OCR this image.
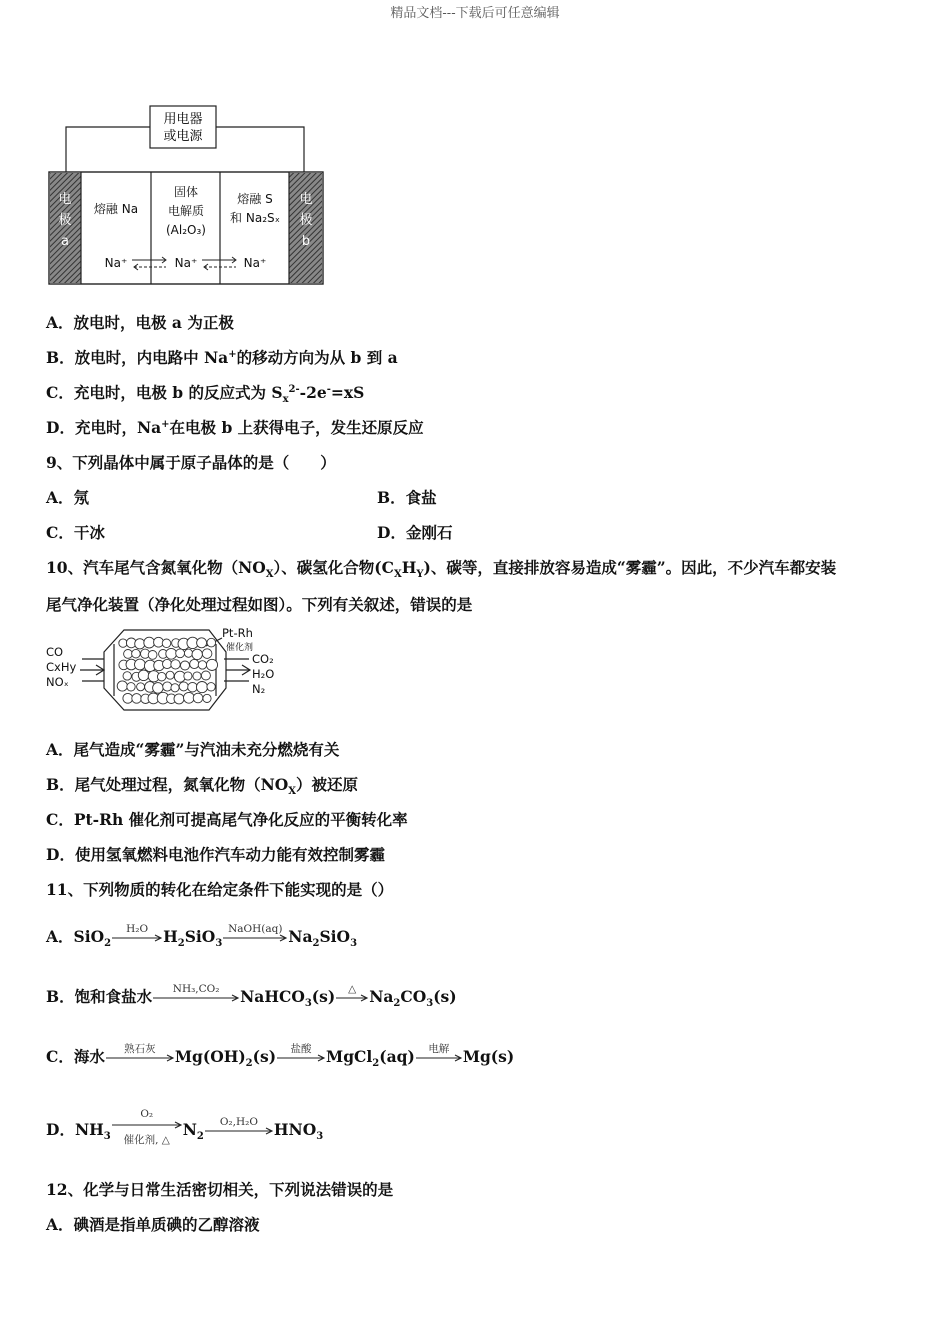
精品文档---下载后可任意编辑
用电器
或电源
电
极
a
电
极
b
熔融 Na
固体
电解质
(Al₂O₃)
熔融 S
和 Na₂Sₓ
Na⁺	Na⁺	Na⁺
A．放电时，电极 a 为正极
B．放电时，内电路中 Na+的移动方向为从 b 到 a
C．充电时，电极 b 的反应式为 $S_x^{2-}-2e^-=xS$
D．充电时，Na+在电极 b 上获得电子，发生还原反应
9、下列晶体中属于原子晶体的是（　　）
A．氖	B．食盐
C．干冰	D．金刚石
10、汽车尾气含氮氧化物$(NO_X)$、碳氢化合物$(C_XH_Y)$、碳等，直接排放容易造成“雾霾”。因此，不少汽车都安装
尾气净化装置（净化处理过程如图）。下列有关叙述，错误的是
CO
CxHy
NOₓ
CO₂
H₂O
N₂
Pt-Rh
催化剂
A．尾气造成“雾霾”与汽油未充分燃烧有关
B．尾气处理过程，氮氧化物$(NO_X)$被还原
C．Pt-Rh 催化剂可提高尾气净化反应的平衡转化率
D．使用氢氧燃料电池作汽车动力能有效控制雾霾
11、下列物质的转化在给定条件下能实现的是（）
A．SiO$_2$
H₂O $H_2SiO_3$
NaOH(aq) $Na_2SiO_3$
B．饱和食盐水	NH₃,CO₂	NaHCO$_3$(s)	△ $Na_2CO_3(s)$
C．海水	熟石灰	$Mg(OH)_2(s)$	盐酸 MgCl$_2$(aq)	电解 Mg(s)
D．$NH_3$
O₂
催化剂, △
$N_2$
O₂,H₂O	$HNO_3$
12、化学与日常生活密切相关，下列说法错误的是
A．碘酒是指单质碘的乙醇溶液
